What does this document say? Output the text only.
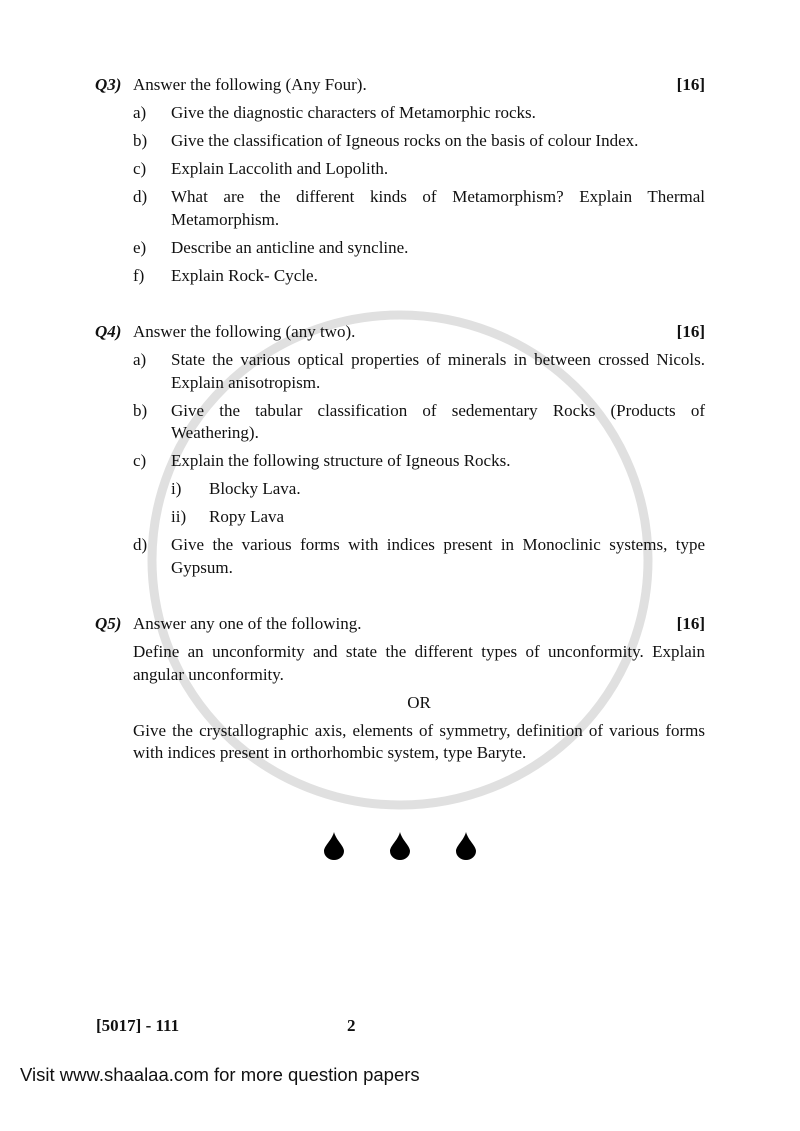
Q3) Answer the following (Any Four).	[16]
a)	Give the diagnostic characters of Metamorphic rocks.
b)	Give the classification of Igneous rocks on the basis of colour Index.
c)	Explain Laccolith and Lopolith.
d)	What are the different kinds of Metamorphism? Explain Thermal Metamorphism.
e)	Describe an anticline and syncline.
f)	Explain Rock- Cycle.
Q4) Answer the following (any two).	[16]
a)	State the various optical properties of minerals in between crossed Nicols. Explain anisotropism.
b)	Give the tabular classification of sedementary Rocks (Products of Weathering).
c)	Explain the following structure of Igneous Rocks.
i)	Blocky Lava.
ii)	Ropy Lava
d)	Give the various forms with indices present in Monoclinic systems, type Gypsum.
Q5) Answer any one of the following.	[16]
Define an unconformity and state the different types of unconformity. Explain angular unconformity.
OR
Give the crystallographic axis, elements of symmetry, definition of various forms with indices present in orthorhombic system, type Baryte.
[5017] - 111	2
Visit www.shaalaa.com for more question papers
